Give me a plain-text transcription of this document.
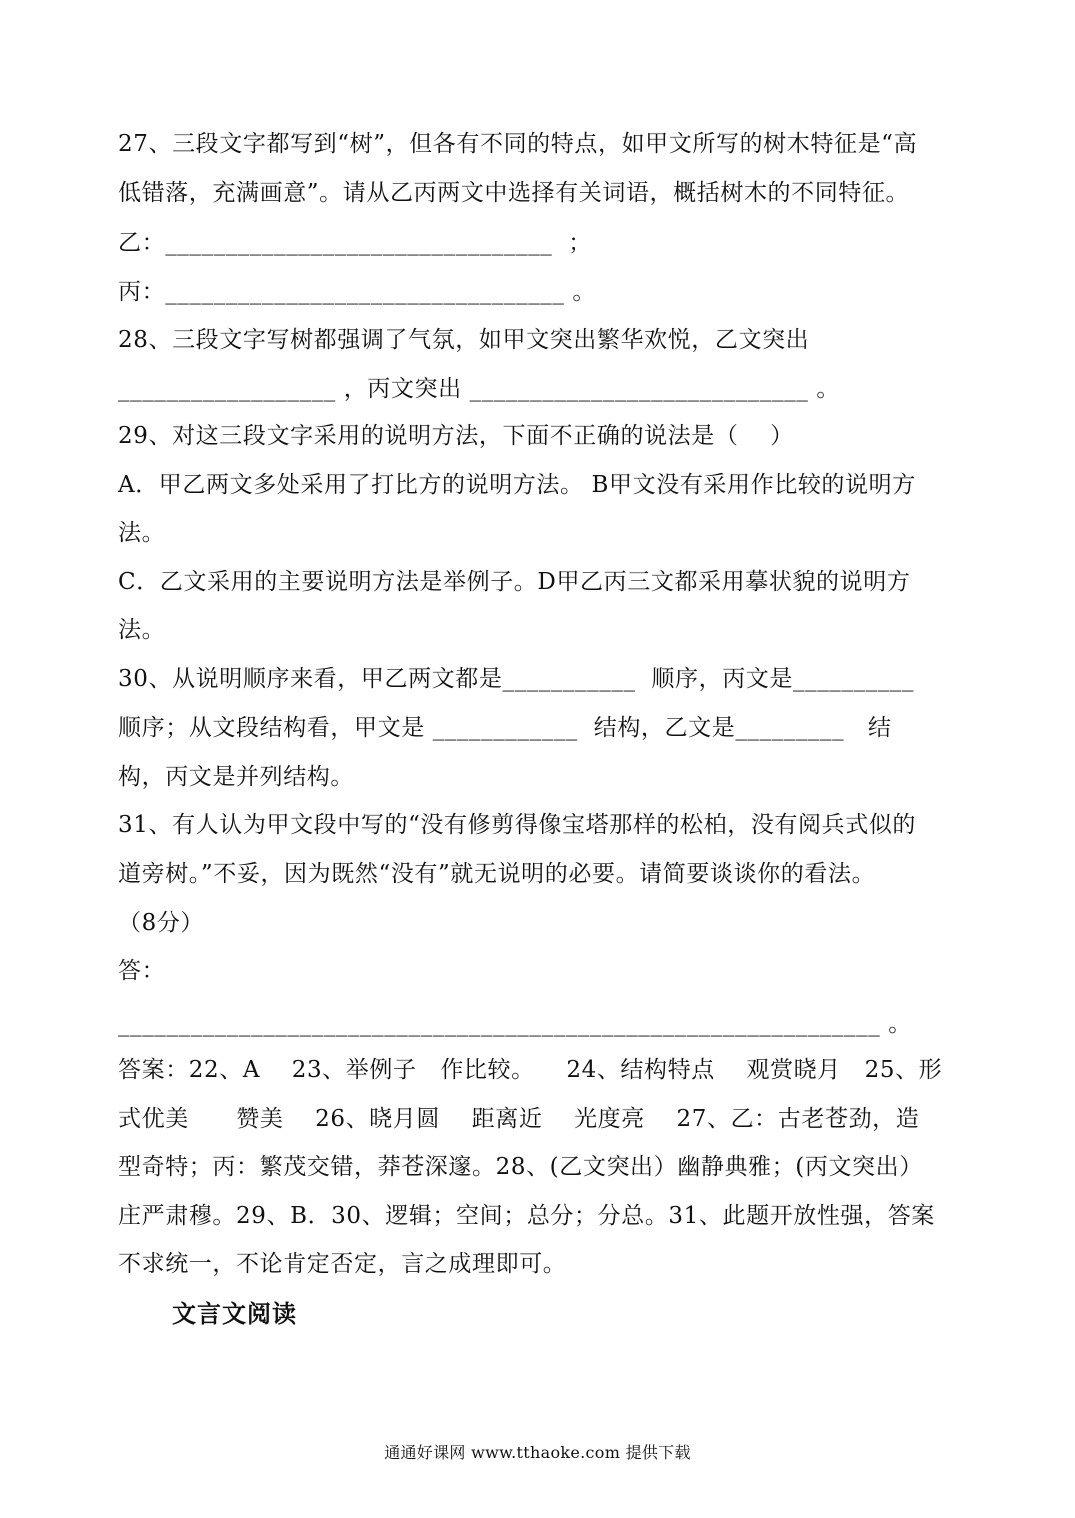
27、三段文字都写到“树”，但各有不同的特点，如甲文所写的树木特征是“高
低错落，充满画意”。请从乙丙两文中选择有关词语，概括树木的不同特征。
乙：________________________________  ；
丙：_________________________________ 。
28、三段文字写树都强调了气氛，如甲文突出繁华欢悦，乙文突出
__________________ ，丙文突出 ____________________________ 。
29、对这三段文字采用的说明方法，下面不正确的说法是（    ）
A．甲乙两文多处采用了打比方的说明方法。 B甲文没有采用作比较的说明方
法。
C．乙文采用的主要说明方法是举例子。D甲乙丙三文都采用摹状貌的说明方
法。
30、从说明顺序来看，甲乙两文都是___________  顺序，丙文是__________
顺序；从文段结构看，甲文是 ____________  结构，乙文是_________   结
构，丙文是并列结构。
31、有人认为甲文段中写的“没有修剪得像宝塔那样的松柏，没有阅兵式似的
道旁树。”不妥，因为既然“没有”就无说明的必要。请简要谈谈你的看法。
（8分）
答：
_______________________________________________________________ 。
答案：22、A    23、举例子   作比较。    24、结构特点    观赏晓月   25、形
式优美      赞美    26、晓月圆    距离近    光度亮    27、乙：古老苍劲，造
型奇特；丙：繁茂交错，莽苍深邃。28、(乙文突出）幽静典雅；(丙文突出）
庄严肃穆。29、B．30、逻辑；空间；总分；分总。31、此题开放性强，答案
不求统一，不论肯定否定，言之成理即可。
文言文阅读
通通好课网 www.tthaoke.com 提供下载
